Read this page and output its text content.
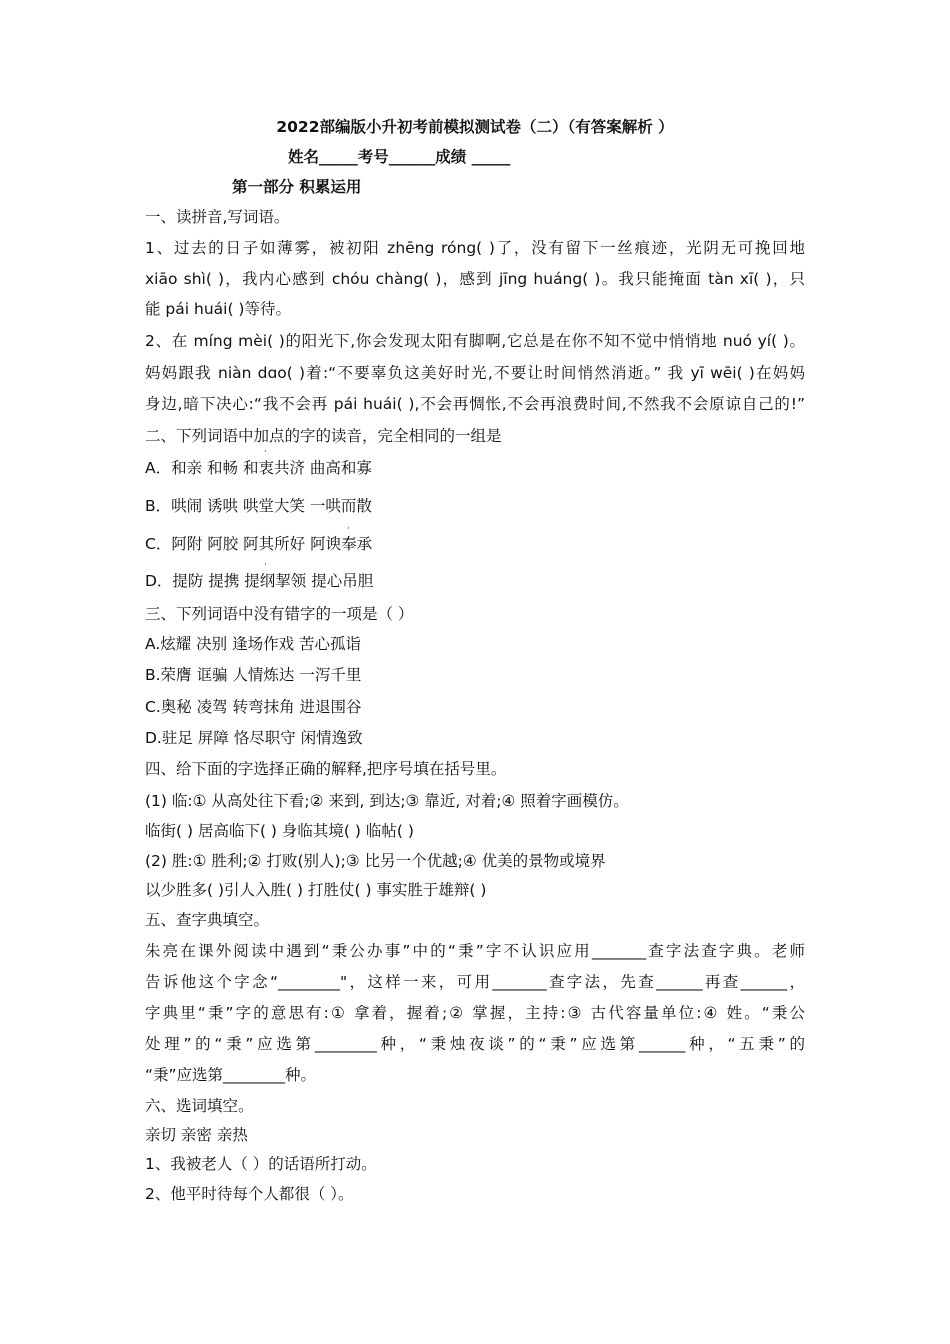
2022部编版小升初考前模拟测试卷（二）（有答案解析 ）
姓名_____考号______成绩 _____
第一部分 积累运用
一、读拼音,写词语。
1、过去的日子如薄雾，被初阳 zhēng róng( )了，没有留下一丝痕迹，光阴无可挽回地
xiāo shì( )，我内心感到 chóu chàng( )，感到 jīng huáng( )。我只能掩面 tàn xī( )，只
能 pái huái( )等待。
2、在 míng mèi( )的阳光下,你会发现太阳有脚啊,它总是在你不知不觉中悄悄地 nuó yí( )。
妈妈跟我 niàn dɑo( )着:“不要辜负这美好时光,不要让时间悄然消逝。” 我 yī wēi( )在妈妈
身边,暗下决心:“我不会再 pái huái( ),不会再惆怅,不会再浪费时间,不然我不会原谅自己的!”
二、下列词语中加点的字的读音，完全相同的一组是
·
A．和亲 和畅 和衷共济 曲高和寡
B．哄闹 诱哄 哄堂大笑 一哄而散
·
C．阿附 阿胶 阿其所好 阿谀奉承
·
D．提防 提携 提纲挈领 提心吊胆
三、下列词语中没有错字的一项是（ ）
A.炫耀 决别 逢场作戏 苦心孤诣
B.荣膺 诓骗 人情炼达 一泻千里
C.奥秘 凌驾 转弯抹角 进退围谷
D.驻足 屏障 恪尽职守 闲情逸致
四、给下面的字选择正确的解释,把序号填在括号里。
(1) 临:① 从高处往下看;② 来到, 到达;③ 靠近, 对着;④ 照着字画模仿。
临街( ) 居高临下( ) 身临其境( ) 临帖( )
(2) 胜:① 胜利;② 打败(别人);③ 比另一个优越;④ 优美的景物或境界
以少胜多( )引人入胜( ) 打胜仗( ) 事实胜于雄辩( )
五、查字典填空。
朱亮在课外阅读中遇到“秉公办事”中的“秉”字不认识应用_______查字法查字典。老师
告诉他这个字念“________"，这样一来，可用_______查字法，先查______再查______，
字典里“秉”字的意思有:① 拿着，握着;② 掌握，主持:③ 古代容量单位:④ 姓。“秉公
处理”的“秉”应选第________种，“秉烛夜谈”的“秉”应选第______种，“五秉”的
“秉”应选第________种。
六、选词填空。
亲切 亲密 亲热
1、我被老人（ ）的话语所打动。
2、他平时待每个人都很（ ）。
